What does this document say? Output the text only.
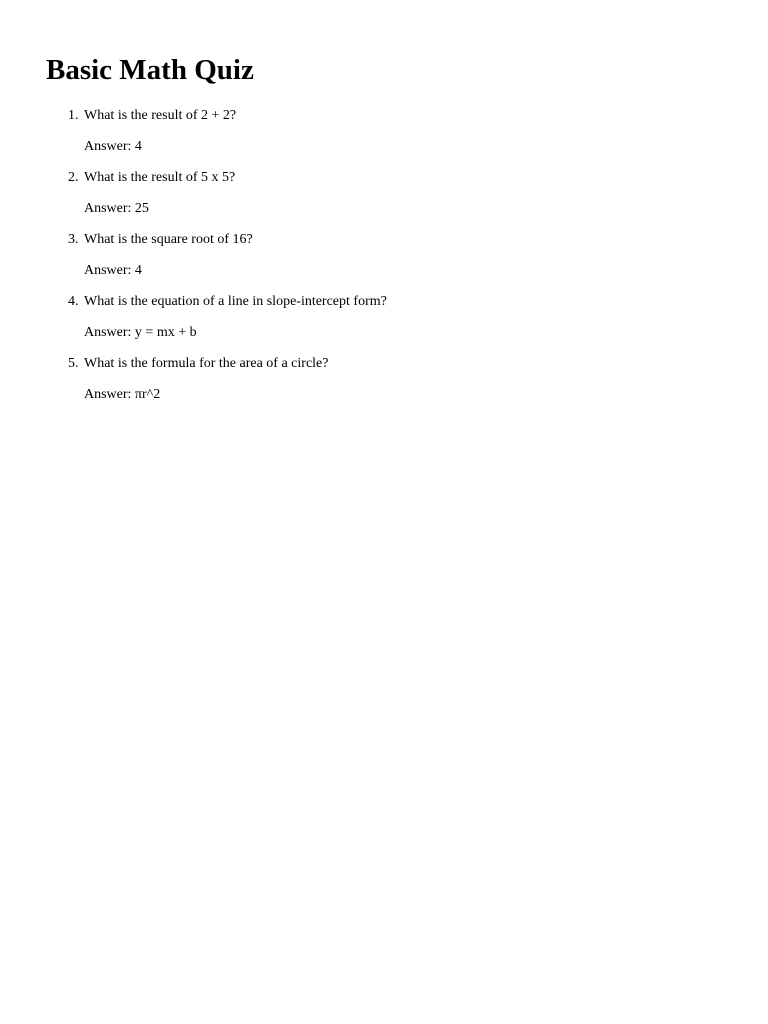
Basic Math Quiz
1. What is the result of 2 + 2?
Answer: 4
2. What is the result of 5 x 5?
Answer: 25
3. What is the square root of 16?
Answer: 4
4. What is the equation of a line in slope-intercept form?
Answer: y = mx + b
5. What is the formula for the area of a circle?
Answer: πr^2
